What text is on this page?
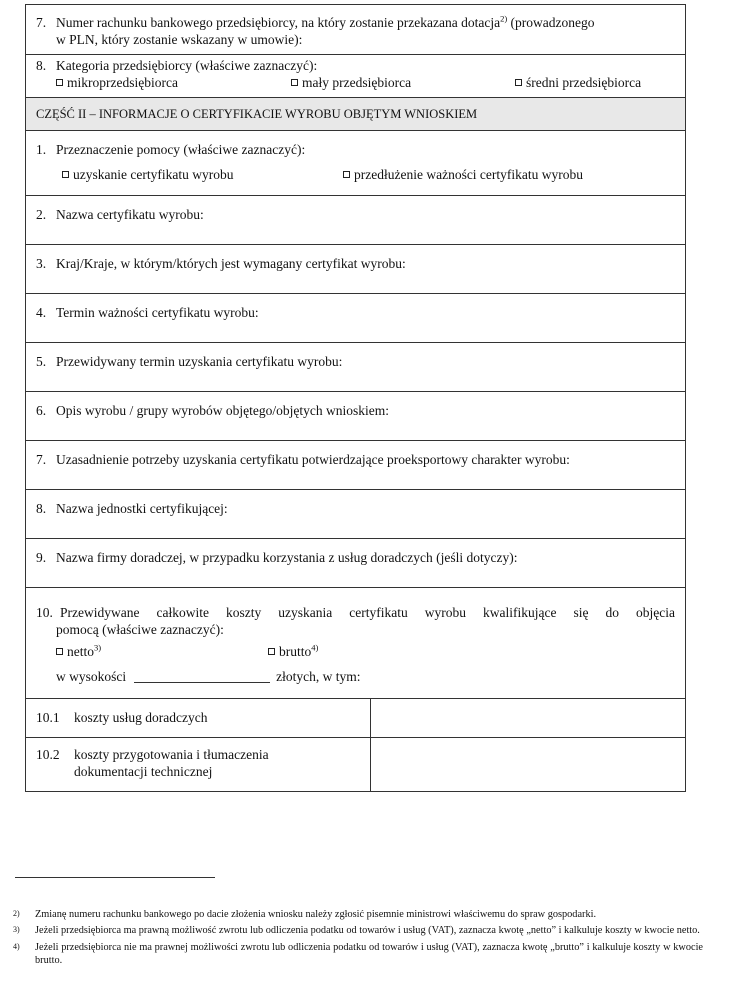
7. Numer rachunku bankowego przedsiębiorcy, na który zostanie przekazana dotacja$^{2)}$ (prowadzonego
w PLN, który zostanie wskazany w umowie):
8. Kategoria przedsiębiorcy (właściwe zaznaczyć):
mikroprzedsiębiorca	mały przedsiębiorca	średni przedsiębiorca
CZĘŚĆ II – INFORMACJE O CERTYFIKACIE WYROBU OBJĘTYM WNIOSKIEM
1. Przeznaczenie pomocy (właściwe zaznaczyć):
uzyskanie certyfikatu wyrobu	przedłużenie ważności certyfikatu wyrobu
2. Nazwa certyfikatu wyrobu:
3. Kraj/Kraje, w którym/których jest wymagany certyfikat wyrobu:
4. Termin ważności certyfikatu wyrobu:
5. Przewidywany termin uzyskania certyfikatu wyrobu:
6. Opis wyrobu / grupy wyrobów objętego/objętych wnioskiem:
7. Uzasadnienie potrzeby uzyskania certyfikatu potwierdzające proeksportowy charakter wyrobu:
8. Nazwa jednostki certyfikującej:
9. Nazwa firmy doradczej, w przypadku korzystania z usług doradczych (jeśli dotyczy):
10. Przewidywane całkowite koszty uzyskania certyfikatu wyrobu kwalifikujące się do objęcia
pomocą (właściwe zaznaczyć):
netto$^{3)}$	brutto$^{4)}$
w wysokości	złotych, w tym:
10.1 koszty usług doradczych
10.2 koszty przygotowania i tłumaczenia
dokumentacji technicznej
2)	Zmianę numeru rachunku bankowego po dacie złożenia wniosku należy zgłosić pisemnie ministrowi właściwemu do spraw gospodarki.
3)	Jeżeli przedsiębiorca ma prawną możliwość zwrotu lub odliczenia podatku od towarów i usług (VAT), zaznacza kwotę „netto” i kalkuluje koszty w kwocie netto.
4)	Jeżeli przedsiębiorca nie ma prawnej możliwości zwrotu lub odliczenia podatku od towarów i usług (VAT), zaznacza kwotę „brutto” i kalkuluje koszty w kwocie brutto.
